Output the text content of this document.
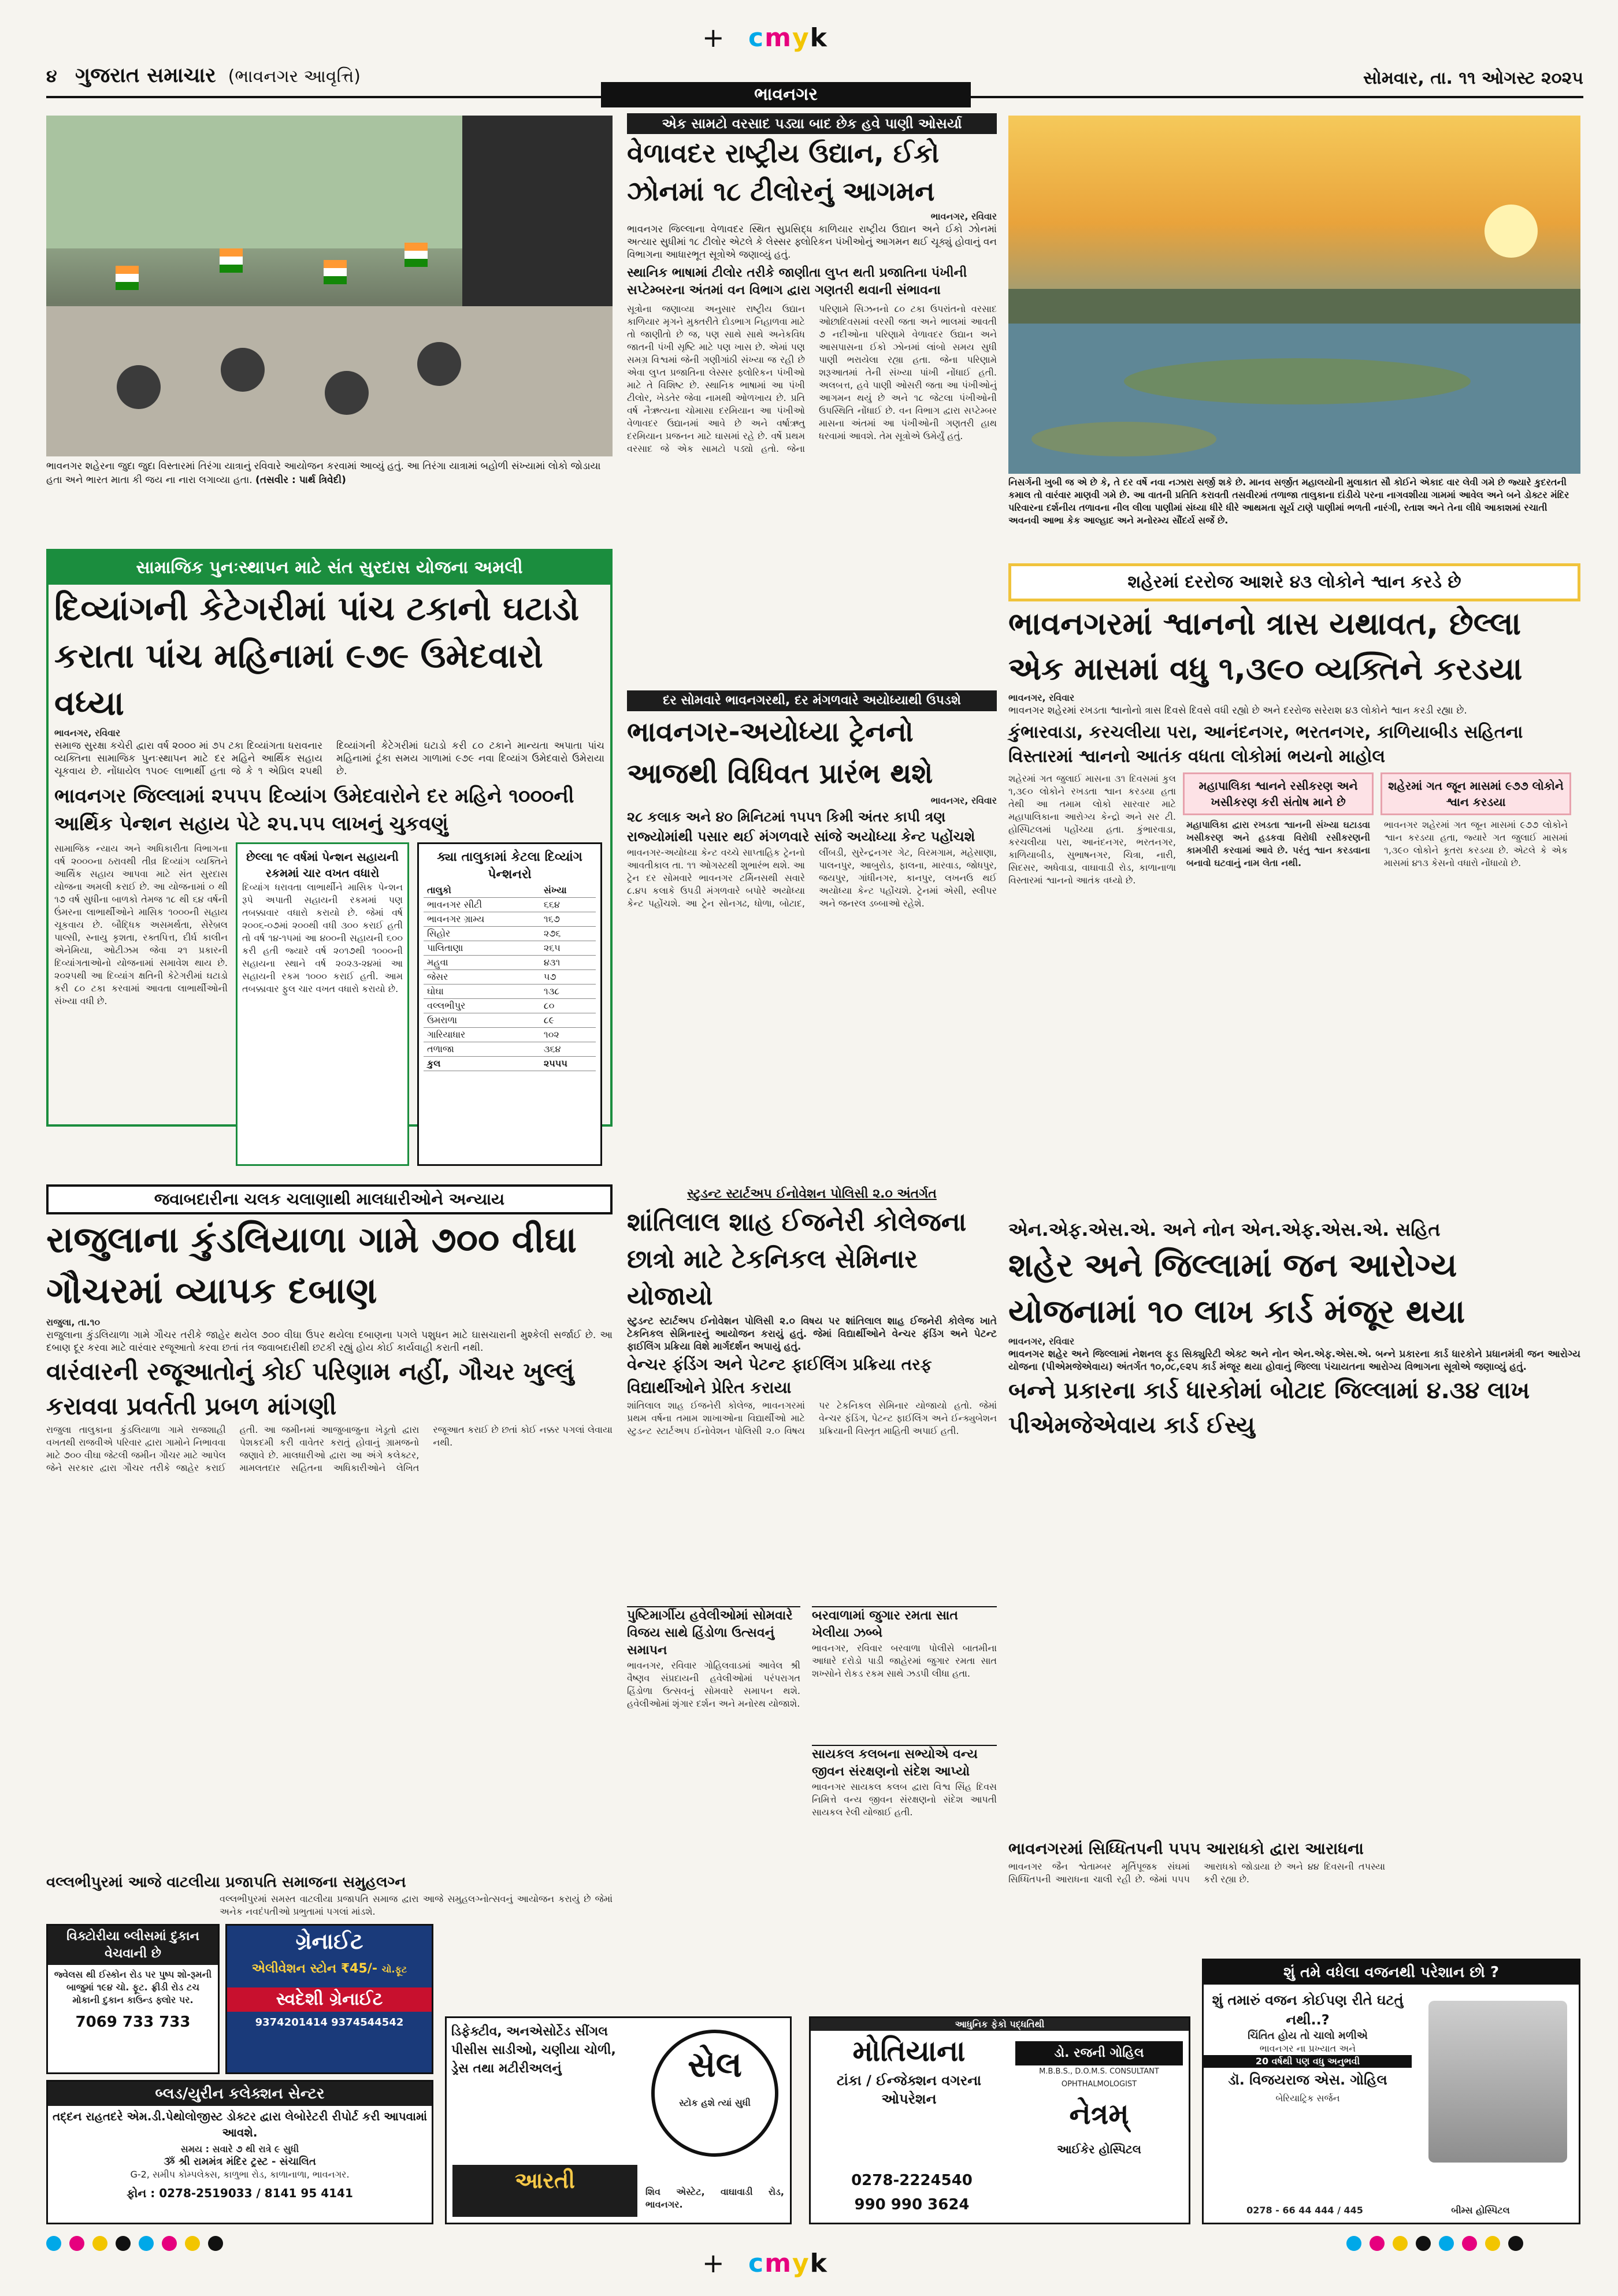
+ cmyk
+ cmyk
૪ ગુજરાત સમાચાર (ભાવનગર આવૃત્તિ)	સોમવાર, તા. ૧૧ ઓગસ્ટ ૨૦૨૫
ભાવનગર
ભાવનગર શહેરના જુદા જુદા વિસ્તારમાં તિરંગા યાત્રાનું રવિવારે આયોજન કરવામાં આવ્યું હતું. આ તિરંગા યાત્રામાં બહોળી સંખ્યામાં લોકો જોડાયા હતા અને ભારત માતા કી જય ના નારા લગાવ્યા હતા. (તસવીર : પાર્થ ત્રિવેદી)
એક સામટો વરસાદ પડ્યા બાદ છેક હવે પાણી ઓસર્યા
વેળાવદર રાષ્ટ્રીય ઉદ્યાન, ઈકો ઝોનમાં ૧૮ ટીલોરનું આગમન
ભાવનગર, રવિવાર
ભાવનગર જિલ્લાના વેળાવદર સ્થિત સુપ્રસિદ્ધ કાળિયાર રાષ્ટ્રીય ઉદ્યાન અને ઈકો ઝોનમાં અત્યાર સુધીમાં ૧૮ ટીલોર એટલે કે લેસ્સર ફ્લોરિકન પંખીઓનું આગમન થઈ ચૂક્યું હોવાનું વન વિભાગના આધારભૂત સૂત્રોએ જણાવ્યું હતું.
સ્થાનિક ભાષામાં ટીલોર તરીકે જાણીતા લુપ્ત થતી પ્રજાતિના પંખીની સપ્ટેમ્બરના અંતમાં વન વિભાગ દ્વારા ગણતરી થવાની સંભાવના
સૂત્રોના જણાવ્યા અનુસાર રાષ્ટ્રીય ઉદ્યાન કાળિયાર મૃગને મુક્તરીતે દોડભાગ નિહાળવા માટે તો જાણીતો છે જ, પણ સાથે સાથે અનેકવિધ જાતની પંખી સૃષ્ટિ માટે પણ ખાસ છે. એમાં પણ સમગ્ર વિશ્વમાં જેની ગણીગાંઠી સંખ્યા જ રહી છે એવા લુપ્ત પ્રજાતિના લેસ્સર ફ્લોરિકન પંખીઓ માટે તે વિશિષ્ટ છે. સ્થાનિક ભાષામાં આ પંખી ટીલોર, ખેડતેર જેવા નામથી ઓળખાય છે. પ્રતિ વર્ષ નૈઋત્યના ચોમાસા દરમિયાન આ પંખીઓ વેળાવદર ઉદ્યાનમાં આવે છે અને વર્ષાઋતુ દરમિયાન પ્રજનન માટે ઘાસમાં રહે છે. વર્ષે પ્રથમ વરસાદ જે એક સામટો પડ્યો હતો. જેના પરિણામે સિઝનનો ૮૦ ટકા ઉપરાંતનો વરસાદ ઓછાદિવસમાં વરસી જતા અને ભાલમાં આવતી ૭ નદીઓના પરિણામે વેળાવદર ઉદ્યાન અને આસપાસના ઈકો ઝોનમાં લાંબો સમય સુધી પાણી ભરાયેલા રહ્યા હતા. જેના પરિણામે શરૂઆતમાં તેની સંખ્યા પાંખી નોંધાઈ હતી. અલબત્ત, હવે પાણી ઓસરી જતા આ પંખીઓનું આગમન થયું છે અને ૧૮ જેટલા પંખીઓની ઉપસ્થિતિ નોંધાઈ છે. વન વિભાગ દ્વારા સપ્ટેમ્બર માસના અંતમાં આ પંખીઓની ગણતરી હાથ ધરવામાં આવશે. તેમ સૂત્રોએ ઉમેર્યું હતું.
નિસર્ગની ખુબી જ એ છે કે, તે દર વર્ષે નવા નઝારા સર્જી શકે છે. માનવ સર્જીત મહાલયોની મુલાકાત સૌ કોઈને એકાદ વાર લેવી ગમે છે જ્યારે કુદરતની કમાલ તો વારંવાર માણવી ગમે છે. આ વાતની પ્રતિતિ કરાવતી તસવીરમાં તળાજા તાલુકાના દાંડીયે પરના નાગવશીયા ગામમાં આવેલ અને બને ડોક્ટર મંદિર પરિવારના દર્શનીય તળાવના નીલ લીલા પાણીમાં સંધ્યા ધીરે ધીરે આથમતા સૂર્ય ટાણે પાણીમાં ભળતી નારંગી, રતાશ અને તેના લીધે આકાશમાં રચાતી અવનવી આભા કેક આલ્હાદ અને મનોરમ્ય સૌંદર્ય સર્જે છે.
સામાજિક પુનઃસ્થાપન માટે સંત સુરદાસ યોજના અમલી
દિવ્યાંગની કેટેગરીમાં પાંચ ટકાનો ઘટાડો કરાતા પાંચ મહિનામાં ૯૭૯ ઉમેદવારો વધ્યા
ભાવનગર, રવિવાર
સમાજ સુરક્ષા કચેરી દ્વારા વર્ષ ૨૦૦૦ માં ૭૫ ટકા દિવ્યાંગતા ધરાવનાર વ્યક્તિના સામાજિક પુનઃસ્થાપન માટે દર મહિને આર્થિક સહાય ચૂકવાય છે. નોંધાયેલ ૧૫૦૯ લાભાર્થી હતા જે કે ૧ એપ્રિલ ૨૫થી દિવ્યાંગની કેટેગરીમાં ઘટાડો કરી ૮૦ ટકાને માન્યતા અપાતા પાંચ મહિનામાં ટૂંકા સમય ગાળામાં ૯૭૯ નવા દિવ્યાંગ ઉમેદવારો ઉમેરાયા છે.
ભાવનગર જિલ્લામાં ૨૫૫૫ દિવ્યાંગ ઉમેદવારોને દર મહિને ૧૦૦૦ની આર્થિક પેન્શન સહાય પેટે ૨૫.૫૫ લાખનું ચુકવણું
સામાજિક ન્યાય અને અધિકારીતા વિભાગના વર્ષ ૨૦૦૦ના ઠરાવથી તીવ્ર દિવ્યાંગ વ્યક્તિને આર્થિક સહાય આપવા માટે સંત સુરદાસ યોજના અમલી કરાઈ છે. આ યોજનામાં ૦ થી ૧૭ વર્ષ સુધીના બાળકો તેમજ ૧૮ થી ૬૪ વર્ષની ઉંમરના લાભાર્થીઓને માસિક ૧૦૦૦ની સહાય ચૂકવાય છે. બૌદ્ધિક અસમર્થતા, સેરેબ્રલ પાલ્સી, સ્નાયુ કૃશતા, રક્તપિત્ત, દીર્ઘ કાલીન એનેમિયા, ઓટીઝમ જેવા ૨૧ પ્રકારની દિવ્યાંગતાઓનો યોજનામાં સમાવેશ થાય છે. ૨૦૨૫થી આ દિવ્યાંગ ક્ષતિની કેટેગરીમાં ઘટાડો કરી ૮૦ ટકા કરવામાં આવતા લાભાર્થીઓની સંખ્યા વધી છે.
છેલ્લા ૧૯ વર્ષમાં પેન્શન સહાયની રકમમાં ચાર વખત વધારો
દિવ્યાંગ ધરાવતા લાભાર્થીને માસિક પેન્શન રૂપે અપાતી સહાયની રકમમાં પણ તબક્કાવાર વધારો કરાયો છે. જેમાં વર્ષ ૨૦૦૬-૦૭માં ૨૦૦થી વધી ૩૦૦ કરાઈ હતી તો વર્ષ ૧૪-૧૫માં આ ૪૦૦ની સહાયની ૬૦૦ કરી હતી જ્યારે વર્ષ ૨૦૧૭થી ૧૦૦૦ની સહાયના સ્થાને વર્ષ ૨૦૨૩-૨૪માં આ સહાયની રકમ ૧૦૦૦ કરાઈ હતી. આમ તબક્કાવાર ફુલ ચાર વખત વધારો કરાયો છે.
ક્યા તાલુકામાં કેટલા દિવ્યાંગ પેન્શનરો
તાલુકો	સંખ્યા
ભાવનગર સીટી	૬૬૪
ભાવનગર ગ્રામ્ય	૧૬૭
સિહોર	૨૭૬
પાલિતાણા	૨૬૫
મહુવા	૪૩૧
જેસર	૫૭
ઘોઘા	૧૩૮
વલ્લભીપુર	૮૦
ઉમરાળા	૮૯
ગારિયાધાર	૧૦૨
તળાજા	૩૬૪
કુલ	૨૫૫૫
દર સોમવારે ભાવનગરથી, દર મંગળવારે અયોધ્યાથી ઉપડશે
ભાવનગર-અયોધ્યા ટ્રેનનો આજથી વિધિવત પ્રારંભ થશે
ભાવનગર, રવિવાર
૨૮ કલાક અને ૪૦ મિનિટમાં ૧૫૫૧ કિમી અંતર કાપી ત્રણ રાજ્યોમાંથી પસાર થઈ મંગળવારે સાંજે અયોધ્યા કેન્ટ પહોંચશે
ભાવનગર-અયોધ્યા કેન્ટ વચ્ચે સાપ્તાહિક ટ્રેનનો આવતીકાલ તા. ૧૧ ઓગસ્ટથી શુભારંભ થશે. આ ટ્રેન દર સોમવારે ભાવનગર ટર્મિનસથી સવારે ૮.૪૫ કલાકે ઉપડી મંગળવારે બપોરે અયોધ્યા કેન્ટ પહોંચશે. આ ટ્રેન સોનગઢ, ધોળા, બોટાદ, લીંબડી, સુરેન્દ્રનગર ગેટ, વિરમગામ, મહેસાણા, પાલનપુર, આબુરોડ, ફાલના, મારવાડ, જોધપુર, જયપુર, ગાંધીનગર, કાનપુર, લખનઉ થઈ અયોધ્યા કેન્ટ પહોંચશે. ટ્રેનમાં એસી, સ્લીપર અને જનરલ ડબ્બાઓ રહેશે.
શહેરમાં દરરોજ આશરે ૪૩ લોકોને શ્વાન કરડે છે
ભાવનગરમાં શ્વાનનો ત્રાસ યથાવત, છેલ્લા એક માસમાં વધુ ૧,૩૯૦ વ્યક્તિને કરડયા
ભાવનગર, રવિવાર
ભાવનગર શહેરમાં રખડતા શ્વાનોનો ત્રાસ દિવસે દિવસે વધી રહ્યો છે અને દરરોજ સરેરાશ ૪૩ લોકોને શ્વાન કરડી રહ્યા છે.
કુંભારવાડા, કરચલીયા પરા, આનંદનગર, ભરતનગર, કાળિયાબીડ સહિતના વિસ્તારમાં શ્વાનનો આતંક વધતા લોકોમાં ભયનો માહોલ
શહેરમાં ગત જુલાઈ માસના ૩૧ દિવસમાં કુલ ૧,૩૯૦ લોકોને રખડતા શ્વાન કરડયા હતા તેથી આ તમામ લોકો સારવાર માટે મહાપાલિકાના આરોગ્ય કેન્દ્રો અને સર ટી. હોસ્પિટલમાં પહોંચ્યા હતા. કુંભારવાડા, કરચલીયા પરા, આનંદનગર, ભરતનગર, કાળિયાબીડ, સુભાષનગર, ચિત્રા, નારી, સિદસર, અધેવાડા, વાઘાવાડી રોડ, કાળાનાળા વિસ્તારમાં શ્વાનનો આતંક વધ્યો છે.
મહાપાલિકા શ્વાનને રસીકરણ અને ખસીકરણ કરી સંતોષ માને છે
મહાપાલિકા દ્વારા રખડતા શ્વાનની સંખ્યા ઘટાડવા ખસીકરણ અને હડકવા વિરોધી રસીકરણની કામગીરી કરવામાં આવે છે. પરંતુ શ્વાન કરડવાના બનાવો ઘટવાનું નામ લેતા નથી.
શહેરમાં ગત જૂન માસમાં ૯૭૭ લોકોને શ્વાન કરડયા
ભાવનગર શહેરમાં ગત જૂન માસમાં ૯૭૭ લોકોને શ્વાન કરડયા હતા, જ્યારે ગત જુલાઈ માસમાં ૧,૩૯૦ લોકોને કૂતરા કરડયા છે. એટલે કે એક માસમાં ૪૧૩ કેસનો વધારો નોંધાયો છે.
સ્ટુડન્ટ સ્ટાર્ટઅપ ઈનોવેશન પોલિસી ૨.૦ અંતર્ગત
શાંતિલાલ શાહ ઈજનેરી કોલેજના છાત્રો માટે ટેકનિકલ સેમિનાર યોજાયો
સ્ટુડન્ટ સ્ટાર્ટઅપ ઈનોવેશન પોલિસી ૨.૦ વિષય પર શાંતિલાલ શાહ ઈજનેરી કોલેજ ખાતે ટેકનિકલ સેમિનારનું આયોજન કરાયું હતું. જેમાં વિદ્યાર્થીઓને વેન્ચર ફંડિંગ અને પેટન્ટ ફાઈલિંગ પ્રક્રિયા વિશે માર્ગદર્શન અપાયું હતું.
વેન્ચર ફંડિંગ અને પેટન્ટ ફાઈલિંગ પ્રક્રિયા તરફ વિદ્યાર્થીઓને પ્રેરિત કરાયા
શાંતિલાલ શાહ ઈજનેરી કોલેજ, ભાવનગરમાં પ્રથમ વર્ષના તમામ શાખાઓના વિદ્યાર્થીઓ માટે સ્ટુડન્ટ સ્ટાર્ટઅપ ઈનોવેશન પોલિસી ૨.૦ વિષય પર ટેકનિકલ સેમિનાર યોજાયો હતો. જેમાં વેન્ચર ફંડિંગ, પેટન્ટ ફાઈલિંગ અને ઈન્ક્યુબેશન પ્રક્રિયાની વિસ્તૃત માહિતી અપાઈ હતી.
એન.એફ.એસ.એ. અને નોન એન.એફ.એસ.એ. સહિત
શહેર અને જિલ્લામાં જન આરોગ્ય યોજનામાં ૧૦ લાખ કાર્ડ મંજૂર થયા
ભાવનગર, રવિવાર
ભાવનગર શહેર અને જિલ્લામાં નેશનલ ફૂડ સિક્યુરિટી એક્ટ અને નોન એન.એફ.એસ.એ. બન્ને પ્રકારના કાર્ડ ધારકોને પ્રધાનમંત્રી જન આરોગ્ય યોજના (પીએમજેએવાય) અંતર્ગત ૧૦,૦૮,૯૨૫ કાર્ડ મંજૂર થયા હોવાનું જિલ્લા પંચાયતના આરોગ્ય વિભાગના સૂત્રોએ જણાવ્યું હતું.
બન્ને પ્રકારના કાર્ડ ધારકોમાં બોટાદ જિલ્લામાં ૪.૩૪ લાખ પીએમજેએવાય કાર્ડ ઈસ્યુ
જવાબદારીના ચલક ચલાણાથી માલધારીઓને અન્યાય
રાજુલાના કુંડલિયાળા ગામે ૭૦૦ વીઘા ગૌચરમાં વ્યાપક દબાણ
રાજુલા, તા.૧૦
રાજુલાના કુંડલિયાળા ગામે ગૌચર તરીકે જાહેર થયેલ ૭૦૦ વીઘા ઉપર થયેલા દબાણના પગલે પશુધન માટે ઘાસચારાની મુશ્કેલી સર્જાઈ છે. આ દબાણ દૂર કરવા માટે વારંવાર રજૂઆતો કરવા છતાં તંત્ર જવાબદારીથી છટકી રહ્યું હોય કોઈ કાર્યવાહી કરાતી નથી.
વારંવારની રજૂઆતોનું કોઈ પરિણામ નહીં, ગૌચર ખુલ્લું કરાવવા પ્રવર્તતી પ્રબળ માંગણી
રાજુલા તાલુકાના કુંડલિયાળા ગામે રાજશાહી વખતથી રાજવીએ પરિવાર દ્વારા ગામોને નિભાવવા માટે ૭૦૦ વીઘા જેટલી જમીન ગૌચર માટે આપેલ જેને સરકાર દ્વારા ગૌચર તરીકે જાહેર કરાઈ હતી. આ જમીનમાં આજુબાજુના ખેડૂતો દ્વારા પેશકદમી કરી વાવેતર કરાતું હોવાનું ગ્રામજનો જણાવે છે. માલધારીઓ દ્વારા આ અંગે કલેક્ટર, મામલતદાર સહિતના અધિકારીઓને લેખિત રજૂઆત કરાઈ છે છતાં કોઈ નક્કર પગલાં લેવાયા નથી.
પુષ્ટિમાર્ગીય હવેલીઓમાં સોમવારે વિજય સાથે હિંડોળા ઉત્સવનું સમાપન
ભાવનગર, રવિવાર ગોહિલવાડમાં આવેલ શ્રી વૈષ્ણવ સંપ્રદાયની હવેલીઓમાં પરંપરાગત હિંડોળા ઉત્સવનું સોમવારે સમાપન થશે. હવેલીઓમાં શૃંગાર દર્શન અને મનોરથ યોજાશે.
બરવાળામાં જુગાર રમતા સાત ખેલીયા ઝબ્બે
ભાવનગર, રવિવાર બરવાળા પોલીસે બાતમીના આધારે દરોડો પાડી જાહેરમાં જુગાર રમતા સાત શખ્સોને રોકડ રકમ સાથે ઝડપી લીધા હતા.
સાયકલ કલબના સભ્યોએ વન્ય જીવન સંરક્ષણનો સંદેશ આપ્યો
ભાવનગર સાયકલ કલબ દ્વારા વિશ્વ સિંહ દિવસ નિમિત્તે વન્ય જીવન સંરક્ષણનો સંદેશ આપતી સાયકલ રેલી યોજાઈ હતી.
વલ્લભીપુરમાં આજે વાટલીયા પ્રજાપતિ સમાજના સમુહલગ્ન
વલ્લભીપુરમાં સમસ્ત વાટલીયા પ્રજાપતિ સમાજ દ્વારા આજે સમુહલગ્નોત્સવનું આયોજન કરાયું છે જેમાં અનેક નવદંપતીઓ પ્રભુતામાં પગલાં માંડશે.
ભાવનગરમાં સિધ્ધિતપની ૫૫૫ આરાધકો દ્વારા આરાધના
ભાવનગર જૈન શ્વેતામ્બર મૂર્તિપૂજક સંઘમાં સિધ્ધિતપની આરાધના ચાલી રહી છે. જેમાં ૫૫૫ આરાધકો જોડાયા છે અને ૪૪ દિવસની તપસ્યા કરી રહ્યા છે.
વિક્ટોરીયા બ્લીસમાં દુકાન વેચવાની છે
જ્વેલસ થી ઈસ્કોન રોડ પર પુષ્પ શો-રૂમની બાજુમાં ૧૯૪ ચો. ફૂટ. ફ્રીડી રોડ ટચ મોકાની દુકાન કાઉન્ડ ફ્લોર પર.
7069 733 733
ગ્રેનાઈટ
એલીવેશન સ્ટોન ₹45/- ચો.ફૂટ
સ્વદેશી ગ્રેનાઈટ
9374201414 9374544542
બ્લડ/યુરીન કલેક્શન સેન્ટર
તદ્દન રાહતદરે એમ.ડી.પેથોલોજીસ્ટ ડોક્ટર દ્વારા લેબોરેટરી રીપોર્ટ કરી આપવામાં આવશે.
સમય : સવારે ૭ થી રાત્રે ૯ સુધી
ૐ શ્રી રામમંત્ર મંદિર ટ્રસ્ટ - સંચાલિત
G-2, સમીપ કોમ્પલેક્સ, કાળુભા રોડ, કાળાનાળા, ભાવનગર.
ફોન : 0278-2519033 / 8141 95 4141
ડિફેક્ટીવ, અનએસોર્ટેડ સીંગલ પીસીસ સાડીઓ, ચણીયા ચોળી, ડ્રેસ તથા મટીરીઅલનું	સેલ
સ્ટોક હશે ત્યાં સુધી
આરતી	શિવ એસ્ટેટ, વાઘાવાડી રોડ, ભાવનગર.
આધુનિક ફેકો પદ્ધતિથી
મોતિયાના
ટાંકા / ઈન્જેક્શન વગરના ઓપરેશન
ડો. રજની ગોહિલ
M.B.B.S., D.O.M.S. CONSULTANT OPHTHALMOLOGIST
નેત્રમ્
આઈકેર હોસ્પિટલ
0278-2224540
990 990 3624
શું તમે વધેલા વજનથી પરેશાન છો ?
શું તમારું વજન કોઈપણ રીતે ઘટતું નથી..?
ચિંતિત હોય તો ચાલો મળીએ
ભાવનગર ના પ્રખ્યાત અને
20 વર્ષથી પણ વધુ અનુભવી
ડૉ. વિજયરાજ એસ. ગોહિલ
બેરિયાટ્રિક સર્જન
0278 - 66 44 444 / 445	બીમ્સ હોસ્પિટલ
